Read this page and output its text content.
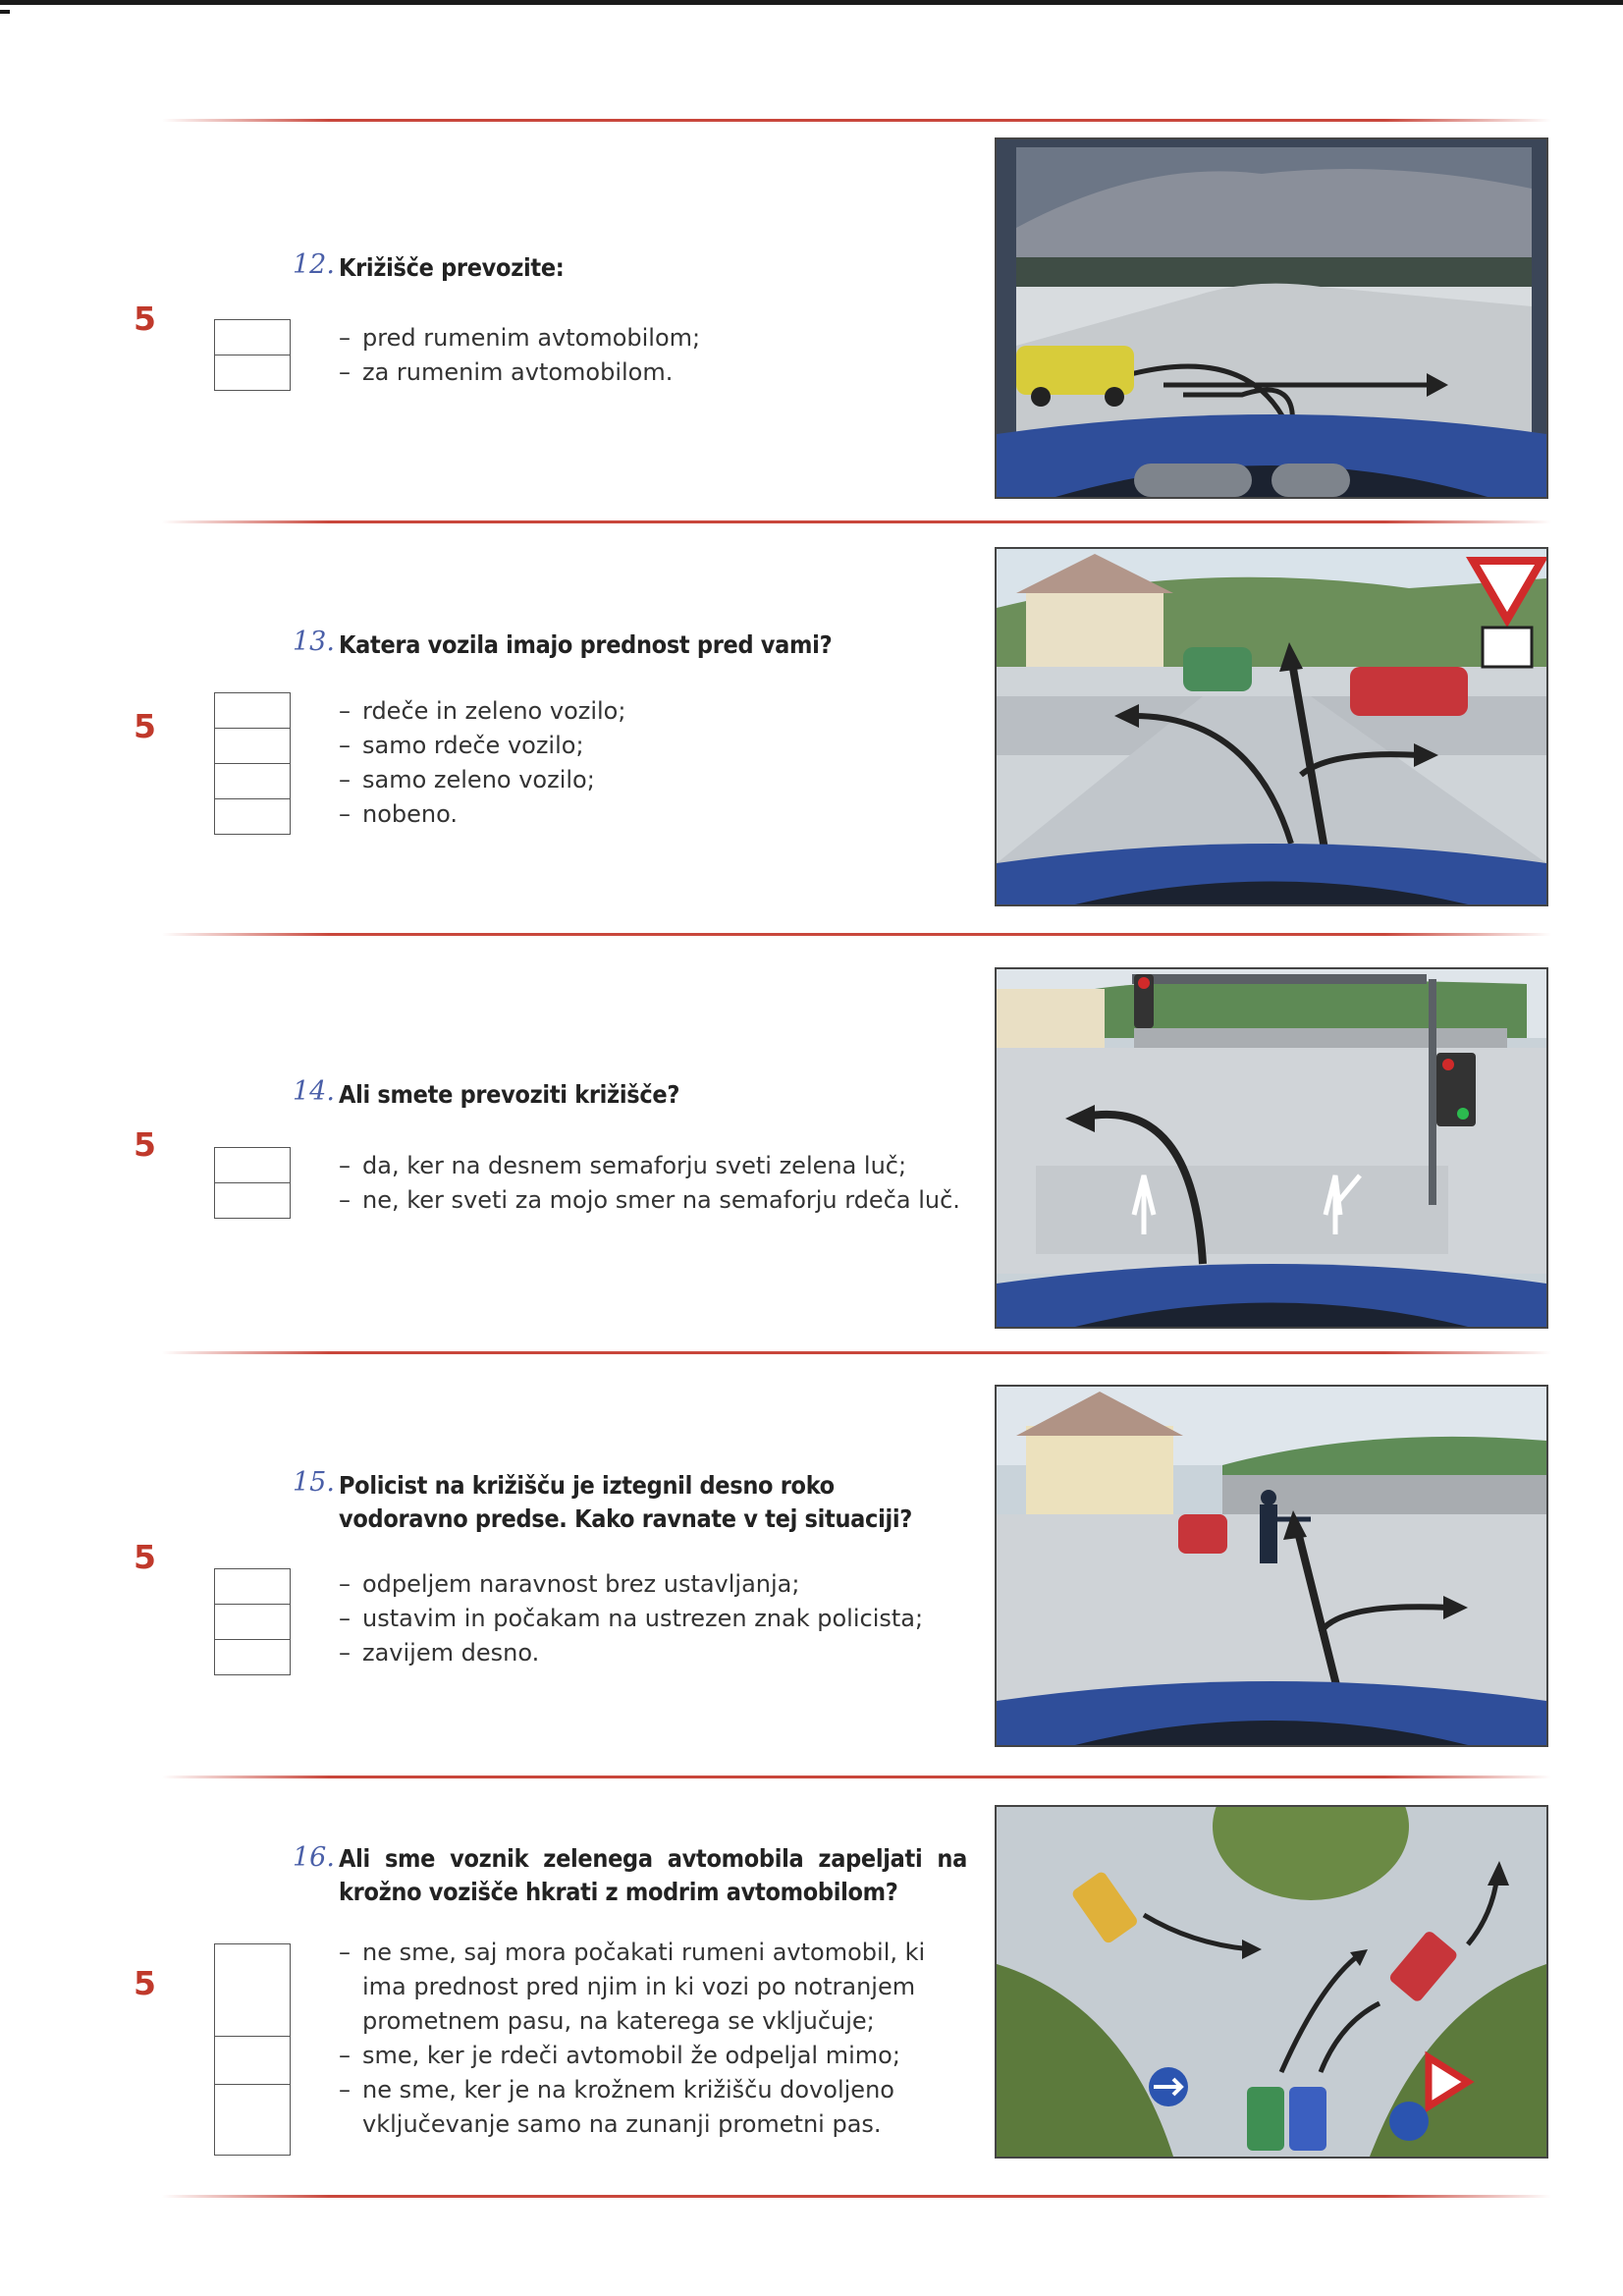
5
12. Križišče prevozite:
– pred rumenim avtomobilom;
– za rumenim avtomobilom.
5
13. Katera vozila imajo prednost pred vami?
– rdeče in zeleno vozilo;
– samo rdeče vozilo;
– samo zeleno vozilo;
– nobeno.
5
14. Ali smete prevoziti križišče?
– da, ker na desnem semaforju sveti zelena luč;
– ne, ker sveti za mojo smer na semaforju rdeča luč.
5
15. Policist na križišču je iztegnil desno roko vodoravno predse. Kako ravnate v tej situaciji?
– odpeljem naravnost brez ustavljanja;
– ustavim in počakam na ustrezen znak policista;
– zavijem desno.
5
16. Ali sme voznik zelenega avtomobila zapeljati na krožno vozišče hkrati z modrim avtomobilom?
– ne sme, saj mora počakati rumeni avtomobil, ki ima prednost pred njim in ki vozi po notranjem prometnem pasu, na katerega se vključuje;
– sme, ker je rdeči avtomobil že odpeljal mimo;
– ne sme, ker je na krožnem križišču dovoljeno vključevanje samo na zunanji prometni pas.
